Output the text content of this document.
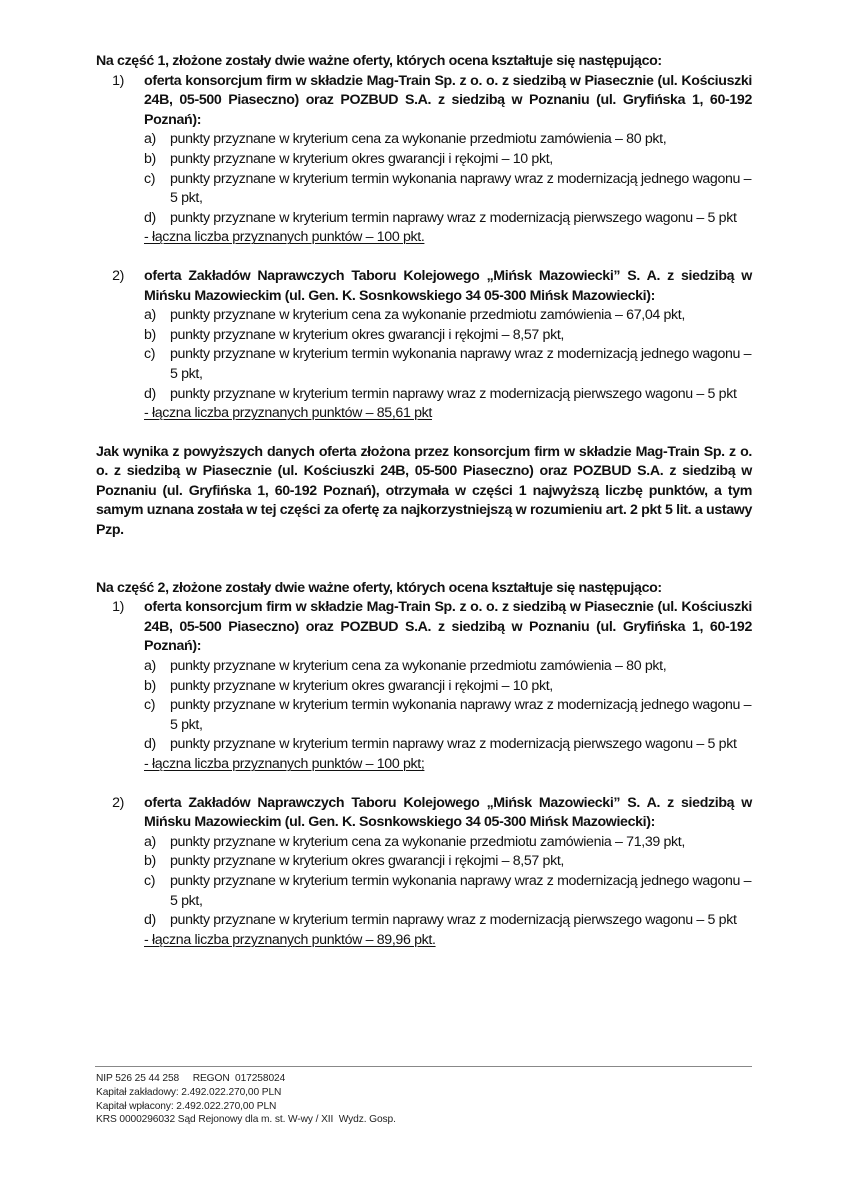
Na część 1, złożone zostały dwie ważne oferty, których ocena kształtuje się następująco:

1)	oferta konsorcjum firm w składzie Mag-Train Sp. z o. o. z siedzibą w Piasecznie (ul. Kościuszki 24B, 05-500 Piaseczno) oraz POZBUD S.A. z siedzibą w Poznaniu (ul. Gryfińska 1, 60-192 Poznań):
a) punkty przyznane w kryterium cena za wykonanie przedmiotu zamówienia – 80 pkt,
b) punkty przyznane w kryterium okres gwarancji i rękojmi – 10 pkt,
c)	punkty przyznane w kryterium termin wykonania naprawy wraz z modernizacją jednego wagonu – 5 pkt,
d) punkty przyznane w kryterium termin naprawy wraz z modernizacją pierwszego wagonu – 5 pkt
- łączna liczba przyznanych punktów – 100 pkt.
2)	oferta Zakładów Naprawczych Taboru Kolejowego „Mińsk Mazowiecki” S. A. z siedzibą w Mińsku Mazowieckim (ul. Gen. K. Sosnkowskiego 34 05-300 Mińsk Mazowiecki):
a) punkty przyznane w kryterium cena za wykonanie przedmiotu zamówienia – 67,04 pkt,
b) punkty przyznane w kryterium okres gwarancji i rękojmi – 8,57 pkt,
c)	punkty przyznane w kryterium termin wykonania naprawy wraz z modernizacją jednego wagonu – 5 pkt,
d) punkty przyznane w kryterium termin naprawy wraz z modernizacją pierwszego wagonu – 5 pkt
- łączna liczba przyznanych punktów – 85,61 pkt

Jak wynika z powyższych danych oferta złożona przez konsorcjum firm w składzie Mag-Train Sp. z o. o. z siedzibą w Piasecznie (ul. Kościuszki 24B, 05-500 Piaseczno) oraz POZBUD S.A. z siedzibą w Poznaniu (ul. Gryfińska 1, 60-192 Poznań), otrzymała w części 1 najwyższą liczbę punktów, a tym samym uznana została w tej części za ofertę za najkorzystniejszą w rozumieniu art. 2 pkt 5 lit. a ustawy Pzp.

Na część 2, złożone zostały dwie ważne oferty, których ocena kształtuje się następująco:

1)	oferta konsorcjum firm w składzie Mag-Train Sp. z o. o. z siedzibą w Piasecznie (ul. Kościuszki 24B, 05-500 Piaseczno) oraz POZBUD S.A. z siedzibą w Poznaniu (ul. Gryfińska 1, 60-192 Poznań):
a) punkty przyznane w kryterium cena za wykonanie przedmiotu zamówienia – 80 pkt,
b) punkty przyznane w kryterium okres gwarancji i rękojmi – 10 pkt,
c)	punkty przyznane w kryterium termin wykonania naprawy wraz z modernizacją jednego wagonu – 5 pkt,
d) punkty przyznane w kryterium termin naprawy wraz z modernizacją pierwszego wagonu – 5 pkt
- łączna liczba przyznanych punktów – 100 pkt;
2)	oferta Zakładów Naprawczych Taboru Kolejowego „Mińsk Mazowiecki” S. A. z siedzibą w Mińsku Mazowieckim (ul. Gen. K. Sosnkowskiego 34 05-300 Mińsk Mazowiecki):
a) punkty przyznane w kryterium cena za wykonanie przedmiotu zamówienia – 71,39 pkt,
b) punkty przyznane w kryterium okres gwarancji i rękojmi – 8,57 pkt,
c)	punkty przyznane w kryterium termin wykonania naprawy wraz z modernizacją jednego wagonu – 5 pkt,
d) punkty przyznane w kryterium termin naprawy wraz z modernizacją pierwszego wagonu – 5 pkt
- łączna liczba przyznanych punktów – 89,96 pkt.
NIP 526 25 44 258     REGON  017258024
Kapitał zakładowy: 2.492.022.270,00 PLN
Kapitał wpłacony: 2.492.022.270,00 PLN
KRS 0000296032 Sąd Rejonowy dla m. st. W-wy / XII  Wydz. Gosp.
